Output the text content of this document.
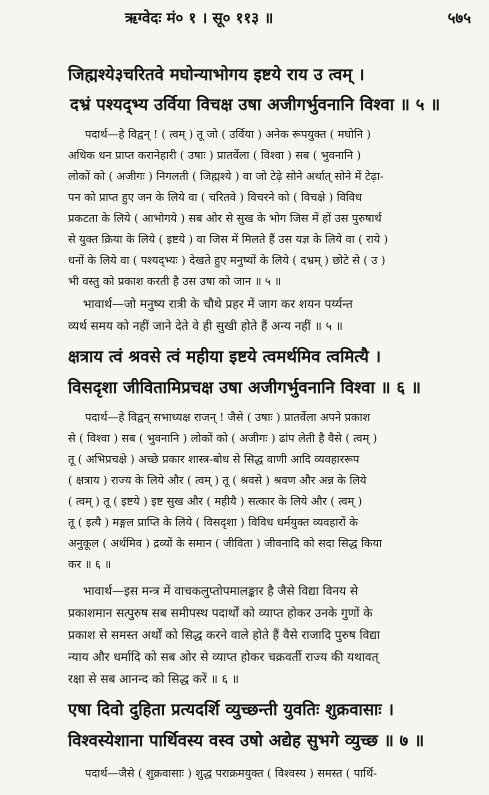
ऋग्वेदः मं० १ । सू० ११३ ॥	५७५
जिह्मश्ये३चरितवे मघोन्याभोगय इष्टये राय उ त्वम् ।
दभ्रं पश्यद्भ्य उर्विया विचक्ष उषा अजीगर्भुवनानि विश्वा ॥ ५ ॥
पदार्थ—हे विद्वन् ! ( त्वम् ) तू जो ( उर्विया ) अनेक रूपयुक्त ( मघोनि )
अधिक धन प्राप्त करानेहारी ( उषाः ) प्रातर्वेला ( विश्वा ) सब ( भुवनानि )
लोकों को ( अजीगः ) निगलती ( जिह्मश्ये ) वा जो टेढ़े सोने अर्थात् सोने में टेढ़ा-
पन को प्राप्त हुए जन के लिये वा ( चरितवे ) विचरने को ( विचक्षे ) विविध
प्रकटता के लिये ( आभोगये ) सब ओर से सुख के भोग जिस में हों उस पुरुषार्थ
से युक्त क्रिया के लिये ( इष्टये ) वा जिस में मिलते हैं उस यज्ञ के लिये वा ( राये )
धनों के लिये वा ( पश्यद्भ्यः ) देखते हुए मनुष्यों के लिये ( दभ्रम् ) छोटे से ( उ )
भी वस्तु को प्रकाश करती है उस उषा को जान ॥ ५ ॥
भावार्थ—जो मनुष्य रात्री के चौथे प्रहर में जाग कर शयन पर्य्यन्त
व्यर्थ समय को नहीं जाने देते वे ही सुखी होते हैं अन्य नहीं ॥ ५ ॥
क्षत्राय त्वं श्रवसे त्वं महीया इष्टये त्वमर्थमिव त्वमित्यै ।
विसदृशा जीवितामिप्रचक्ष उषा अजीगर्भुवनानि विश्वा ॥ ६ ॥
पदार्थ—हे विद्वन् सभाध्यक्ष राजन् ! जैसे ( उषाः ) प्रातर्वेला अपने प्रकाश
से ( विश्वा ) सब ( भुवनानि ) लोकों को ( अजीगः ) ढांप लेती है वैसे ( त्वम् )
तू ( अभिप्रचक्षे ) अच्छे प्रकार शास्त्र-बोध से सिद्ध वाणी आदि व्यवहाररूप
( क्षत्राय ) राज्य के लिये और ( त्वम् ) तू ( श्रवसे ) श्रवण और अन्न के लिये
( त्वम् ) तू ( इष्टये ) इष्ट सुख और ( महीयै ) सत्कार के लिये और ( त्वम् )
तू ( इत्यै ) मङ्गल प्राप्ति के लिये ( विसदृशा ) विविध धर्मयुक्त व्यवहारों के
अनुकूल ( अर्थमिव ) द्रव्यों के समान ( जीविता ) जीवनादि को सदा सिद्ध किया
कर ॥ ६ ॥
भावार्थ—इस मन्त्र में वाचकलुप्तोपमालङ्कार है जैसे विद्या विनय से
प्रकाशमान सत्पुरुष सब समीपस्थ पदार्थों को व्याप्त होकर उनके गुणों के
प्रकाश से समस्त अर्थों को सिद्ध करने वाले होते हैं वैसे राजादि पुरुष विद्या
न्याय और धर्मादि को सब ओर से व्याप्त होकर चक्रवर्ती राज्य की यथावत्
रक्षा से सब आनन्द को सिद्ध करें ॥ ६ ॥
एषा दिवो दुहिता प्रत्यदर्शि व्युच्छन्ती युवतिः शुक्रवासाः ।
विश्वस्येशाना पार्थिवस्य वस्व उषो अद्येह सुभगे व्युच्छ ॥ ७ ॥
पदार्थ—जैसे ( शुक्रवासाः ) शुद्ध पराक्रमयुक्त ( विश्वस्य ) समस्त ( पार्थि-
